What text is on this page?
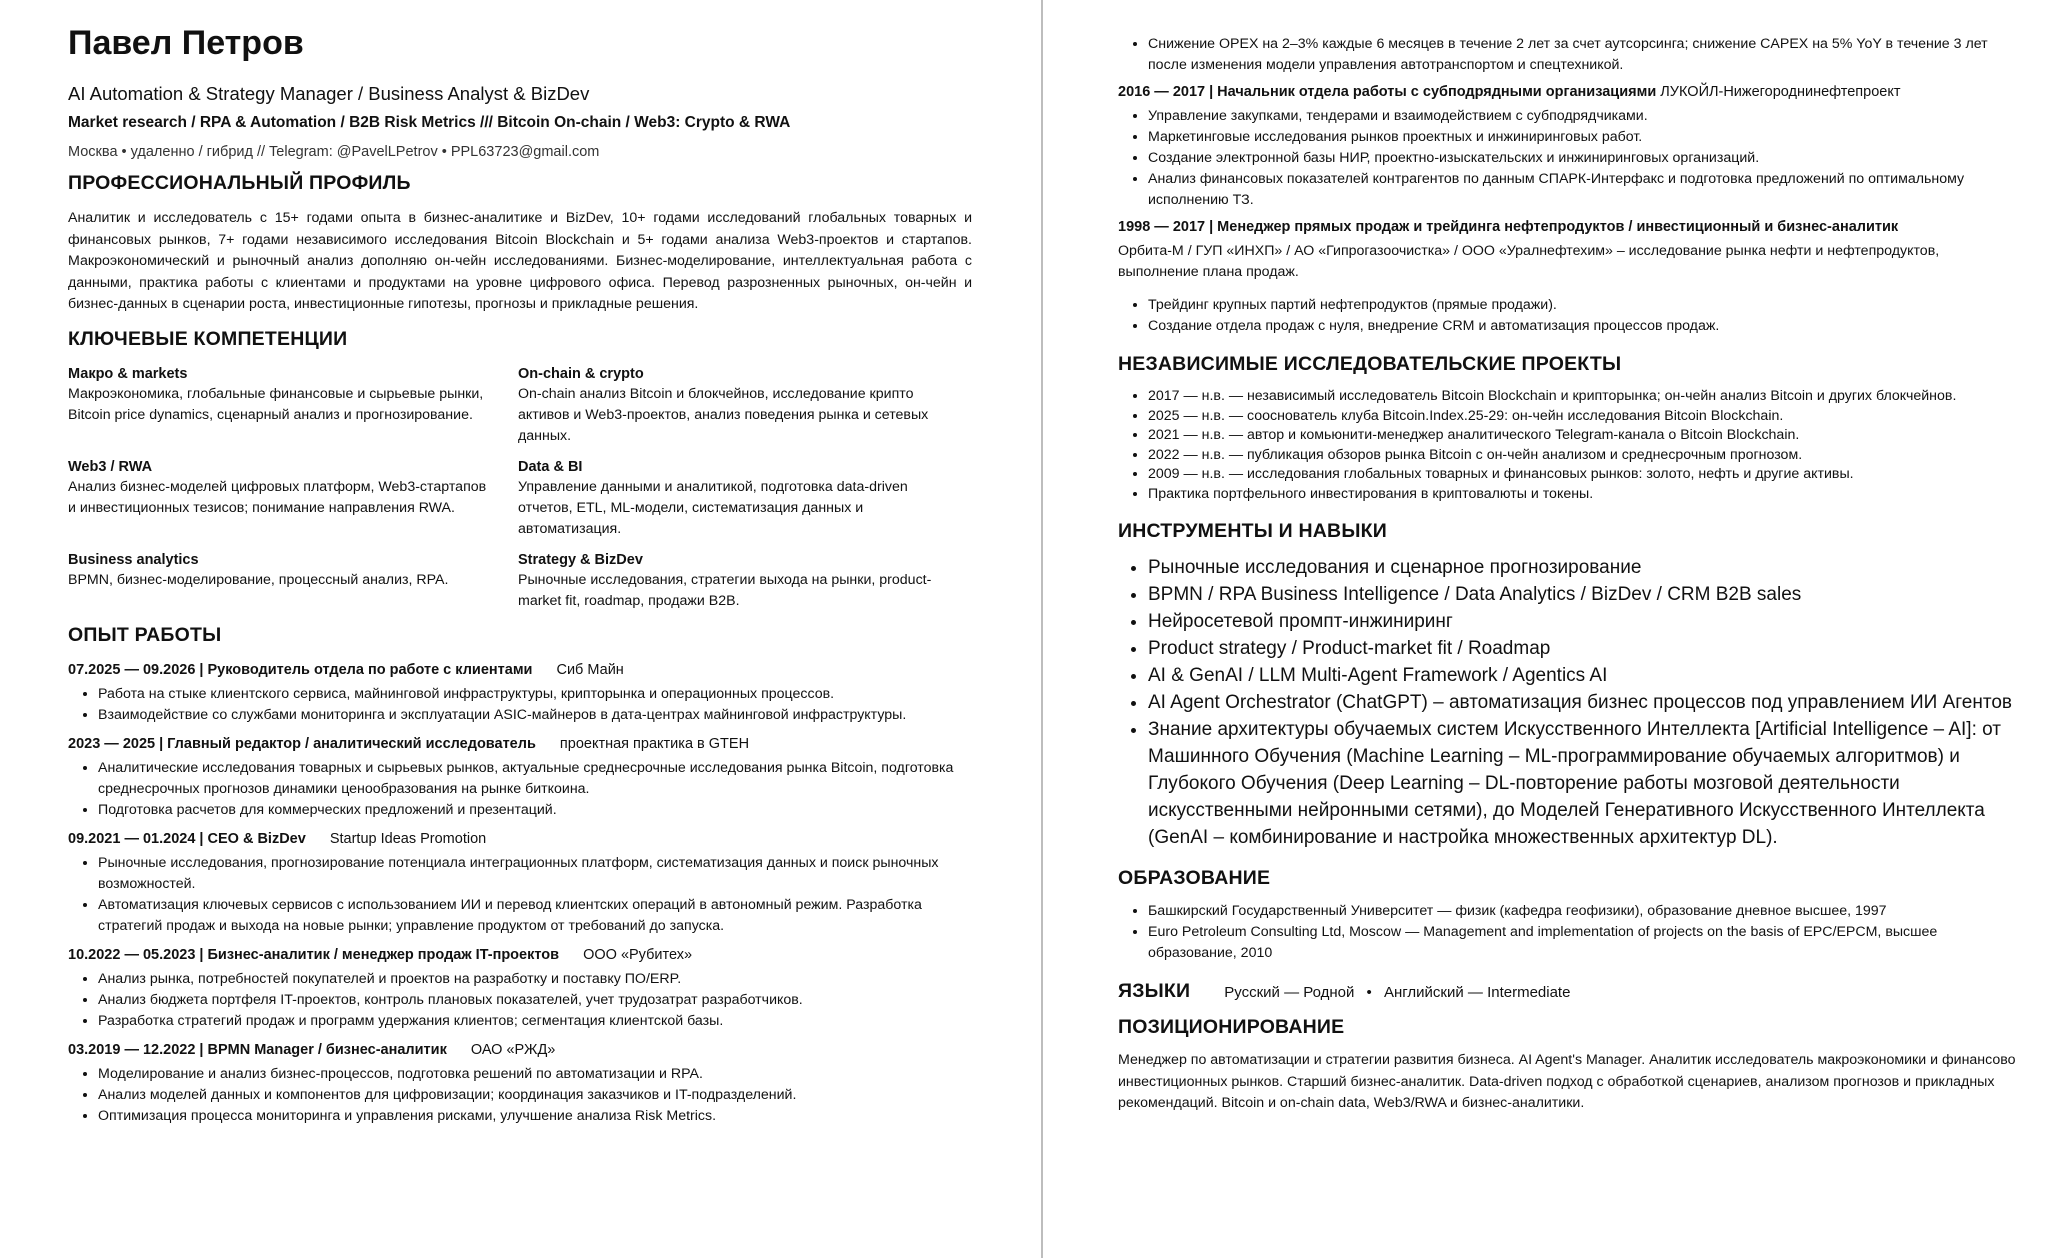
Павел Петров
AI Automation & Strategy Manager / Business Analyst & BizDev
Market research / RPA & Automation / B2B Risk Metrics /// Bitcoin On-chain / Web3: Crypto & RWA
Москва • удаленно / гибрид // Telegram: @PavelLPetrov • PPL63723@gmail.com
ПРОФЕССИОНАЛЬНЫЙ ПРОФИЛЬ
Аналитик и исследователь с 15+ годами опыта в бизнес-аналитике и BizDev, 10+ годами исследований глобальных товарных и финансовых рынков, 7+ годами независимого исследования Bitcoin Blockchain и 5+ годами анализа Web3-проектов и стартапов. Макроэкономический и рыночный анализ дополняю он-чейн исследованиями. Бизнес-моделирование, интеллектуальная работа с данными, практика работы с клиентами и продуктами на уровне цифрового офиса. Перевод разрозненных рыночных, он-чейн и бизнес-данных в сценарии роста, инвестиционные гипотезы, прогнозы и прикладные решения.
КЛЮЧЕВЫЕ КОМПЕТЕНЦИИ
Макро & markets
Макроэкономика, глобальные финансовые и сырьевые рынки, Bitcoin price dynamics, сценарный анализ и прогнозирование.
On-chain & crypto
On-chain анализ Bitcoin и блокчейнов, исследование крипто активов и Web3-проектов, анализ поведения рынка и сетевых данных.
Web3 / RWA
Анализ бизнес-моделей цифровых платформ, Web3-стартапов и инвестиционных тезисов; понимание направления RWA.
Data & BI
Управление данными и аналитикой, подготовка data-driven отчетов, ETL, ML-модели, систематизация данных и автоматизация.
Business analytics
BPMN, бизнес-моделирование, процессный анализ, RPA.
Strategy & BizDev
Рыночные исследования, стратегии выхода на рынки, product-market fit, roadmap, продажи B2B.
ОПЫТ РАБОТЫ
07.2025 — 09.2026 | Руководитель отдела по работе с клиентами Сиб Майн
• Работа на стыке клиентского сервиса, майнинговой инфраструктуры, крипторынка и операционных процессов.
• Взаимодействие со службами мониторинга и эксплуатации ASIC-майнеров в дата-центрах майнинговой инфраструктуры.
2023 — 2025 | Главный редактор / аналитический исследователь проектная практика в GTEH
• Аналитические исследования товарных и сырьевых рынков, актуальные среднесрочные исследования рынка Bitcoin, подготовка среднесрочных прогнозов динамики ценообразования на рынке биткоина.
• Подготовка расчетов для коммерческих предложений и презентаций.
09.2021 — 01.2024 | CEO & BizDev Startup Ideas Promotion
• Рыночные исследования, прогнозирование потенциала интеграционных платформ, систематизация данных и поиск рыночных возможностей.
• Автоматизация ключевых сервисов с использованием ИИ и перевод клиентских операций в автономный режим. Разработка стратегий продаж и выхода на новые рынки; управление продуктом от требований до запуска.
10.2022 — 05.2023 | Бизнес-аналитик / менеджер продаж IT-проектов ООО «Рубитех»
• Анализ рынка, потребностей покупателей и проектов на разработку и поставку ПО/ERP.
• Анализ бюджета портфеля IT-проектов, контроль плановых показателей, учет трудозатрат разработчиков.
• Разработка стратегий продаж и программ удержания клиентов; сегментация клиентской базы.
03.2019 — 12.2022 | BPMN Manager / бизнес-аналитик ОАО «РЖД»
• Моделирование и анализ бизнес-процессов, подготовка решений по автоматизации и RPA.
• Анализ моделей данных и компонентов для цифровизации; координация заказчиков и IT-подразделений.
• Оптимизация процесса мониторинга и управления рисками, улучшение анализа Risk Metrics.
• Снижение OPEX на 2–3% каждые 6 месяцев в течение 2 лет за счет аутсорсинга; снижение CAPEX на 5% YoY в течение 3 лет после изменения модели управления автотранспортом и спецтехникой.
2016 — 2017 | Начальник отдела работы с субподрядными организациями ЛУКОЙЛ-Нижегороднинефтепроект
• Управление закупками, тендерами и взаимодействием с субподрядчиками.
• Маркетинговые исследования рынков проектных и инжиниринговых работ.
• Создание электронной базы НИР, проектно-изыскательских и инжиниринговых организаций.
• Анализ финансовых показателей контрагентов по данным СПАРК-Интерфакс и подготовка предложений по оптимальному исполнению ТЗ.
1998 — 2017 | Менеджер прямых продаж и трейдинга нефтепродуктов / инвестиционный и бизнес-аналитик
Орбита-М / ГУП «ИНХП» / АО «Гипрогазоочистка» / ООО «Уралнефтехим» – исследование рынка нефти и нефтепродуктов, выполнение плана продаж.
• Трейдинг крупных партий нефтепродуктов (прямые продажи).
• Создание отдела продаж с нуля, внедрение CRM и автоматизация процессов продаж.
НЕЗАВИСИМЫЕ ИССЛЕДОВАТЕЛЬСКИЕ ПРОЕКТЫ
• 2017 — н.в. — независимый исследователь Bitcoin Blockchain и крипторынка; он-чейн анализ Bitcoin и других блокчейнов.
• 2025 — н.в. — сооснователь клуба Bitcoin.Index.25-29: он-чейн исследования Bitcoin Blockchain.
• 2021 — н.в. — автор и комьюнити-менеджер аналитического Telegram-канала о Bitcoin Blockchain.
• 2022 — н.в. — публикация обзоров рынка Bitcoin с он-чейн анализом и среднесрочным прогнозом.
• 2009 — н.в. — исследования глобальных товарных и финансовых рынков: золото, нефть и другие активы.
• Практика портфельного инвестирования в криптовалюты и токены.
ИНСТРУМЕНТЫ И НАВЫКИ
• Рыночные исследования и сценарное прогнозирование
• BPMN / RPA Business Intelligence / Data Analytics / BizDev / CRM B2B sales
• Нейросетевой промпт-инжиниринг
• Product strategy / Product-market fit / Roadmap
• AI & GenAI / LLM Multi-Agent Framework / Agentics AI
• AI Agent Orchestrator (ChatGPT) – автоматизация бизнес процессов под управлением ИИ Агентов
• Знание архитектуры обучаемых систем Искусственного Интеллекта [Artificial Intelligence – AI]: от Машинного Обучения (Machine Learning – ML-программирование обучаемых алгоритмов) и Глубокого Обучения (Deep Learning – DL-повторение работы мозговой деятельности искусственными нейронными сетями), до Моделей Генеративного Искусственного Интеллекта (GenAI – комбинирование и настройка множественных архитектур DL).
ОБРАЗОВАНИЕ
• Башкирский Государственный Университет — физик (кафедра геофизики), образование дневное высшее, 1997
• Euro Petroleum Consulting Ltd, Moscow — Management and implementation of projects on the basis of EPC/EPCM, высшее образование, 2010
ЯЗЫКИ Русский — Родной • Английский — Intermediate
ПОЗИЦИОНИРОВАНИЕ
Менеджер по автоматизации и стратегии развития бизнеса. AI Agent's Manager. Аналитик исследователь макроэкономики и финансово инвестиционных рынков. Старший бизнес-аналитик. Data-driven подход с обработкой сценариев, анализом прогнозов и прикладных рекомендаций. Bitcoin и on-chain data, Web3/RWA и бизнес-аналитики.
